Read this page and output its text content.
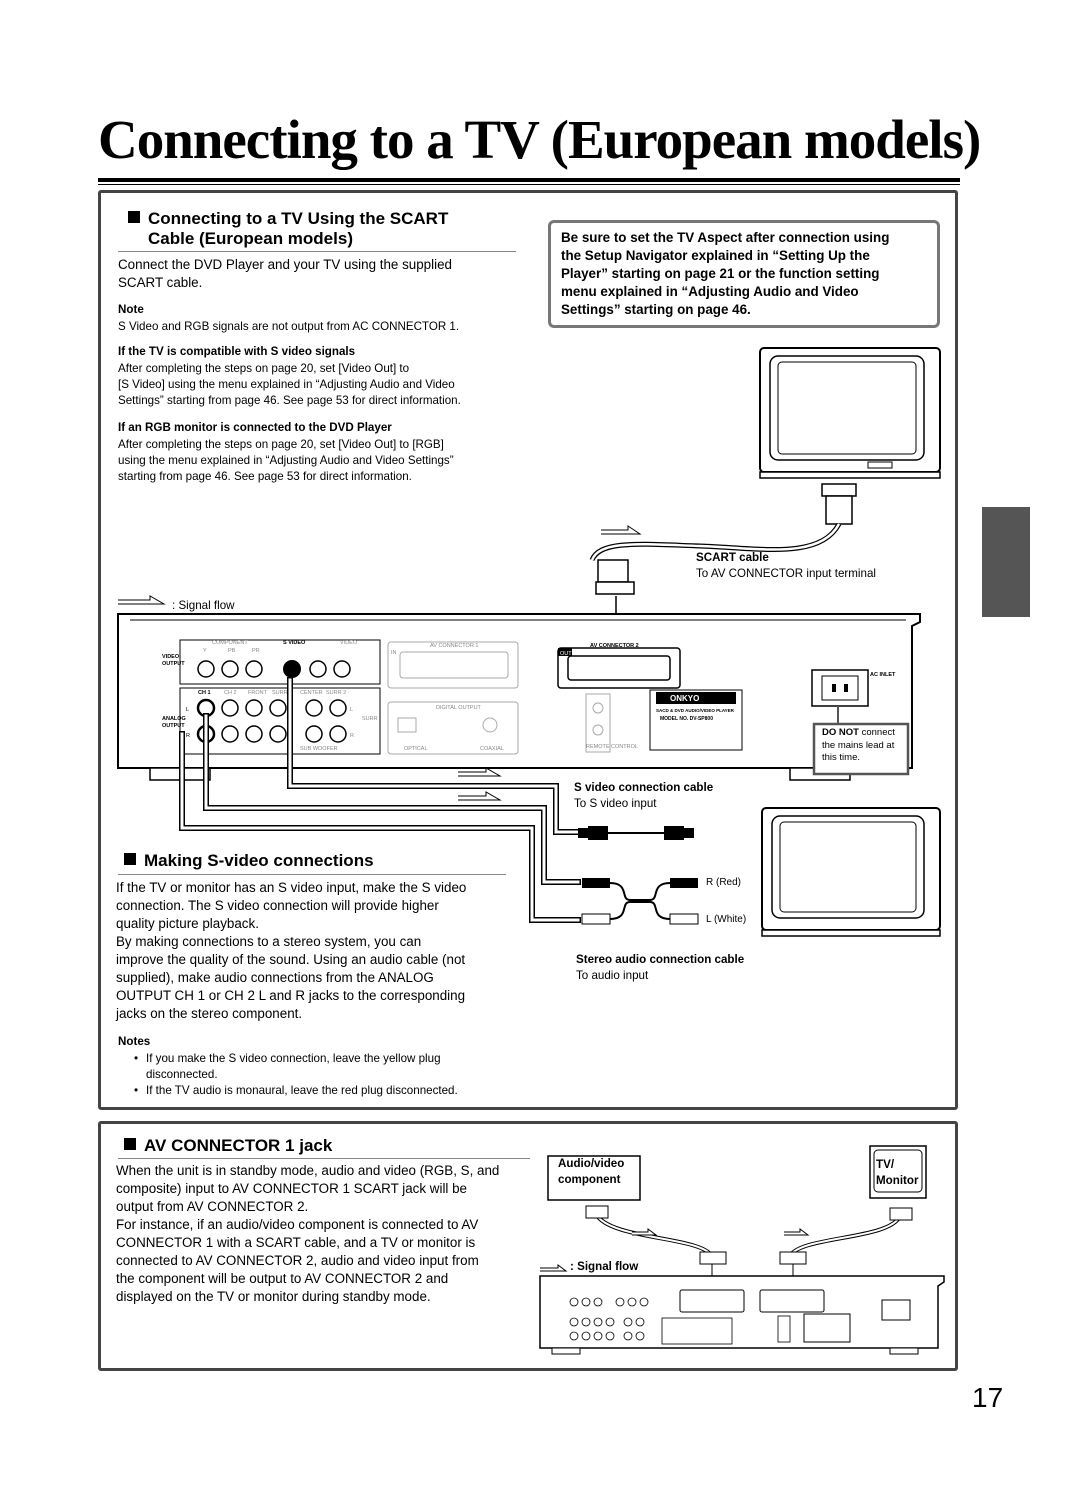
Connecting to a TV (European models)
Connecting to a TV Using the SCART
Cable (European models)
Connect the DVD Player and your TV using the supplied
SCART cable.
Note
S Video and RGB signals are not output from AC CONNECTOR 1.
If the TV is compatible with S video signals
After completing the steps on page 20, set [Video Out] to
[S Video] using the menu explained in “Adjusting Audio and Video
Settings” starting from page 46. See page 53 for direct information.
If an RGB monitor is connected to the DVD Player
After completing the steps on page 20, set [Video Out] to [RGB]
using the menu explained in “Adjusting Audio and Video Settings”
starting from page 46. See page 53 for direct information.
Be sure to set the TV Aspect after connection using
the Setup Navigator explained in “Setting Up the
Player” starting on page 21 or the function setting
menu explained in “Adjusting Audio and Video
Settings” starting on page 46.
COMPONENT
Y	PB	PR
S VIDEO	VIDEO
VIDEO
OUTPUT
AV CONNECTOR 1
IN
AV CONNECTOR 2
OUT
AC INLET
CH 1 CH 2 FRONT SURR 1 CENTER SURR 2
ANALOG
OUTPUT
L
R
L
R
SURR
SUB WOOFER
DIGITAL OUTPUT
OPTICAL	COAXIAL	REMOTE CONTROL
ONKYO
SACD & DVD AUDIO/VIDEO PLAYER
MODEL NO. DV-SP800
: Signal flow
SCART cable
To AV CONNECTOR input terminal
S video connection cable
To S video input
R (Red)
L (White)
Stereo audio connection cable
To audio input
DO NOT connect
the mains lead at
this time.
Making S-video connections
If the TV or monitor has an S video input, make the S video
connection. The S video connection will provide higher
quality picture playback.
By making connections to a stereo system, you can
improve the quality of the sound. Using an audio cable (not
supplied), make audio connections from the ANALOG
OUTPUT CH 1 or CH 2 L and R jacks to the corresponding
jacks on the stereo component.
Notes
• If you make the S video connection, leave the yellow plug
disconnected.
• If the TV audio is monaural, leave the red plug disconnected.
AV CONNECTOR 1 jack
When the unit is in standby mode, audio and video (RGB, S, and
composite) input to AV CONNECTOR 1 SCART jack will be
output from AV CONNECTOR 2.
For instance, if an audio/video component is connected to AV
CONNECTOR 1 with a SCART cable, and a TV or monitor is
connected to AV CONNECTOR 2, audio and video input from
the component will be output to AV CONNECTOR 2 and
displayed on the TV or monitor during standby mode.
Audio/video
component
TV/
Monitor
: Signal flow
17
